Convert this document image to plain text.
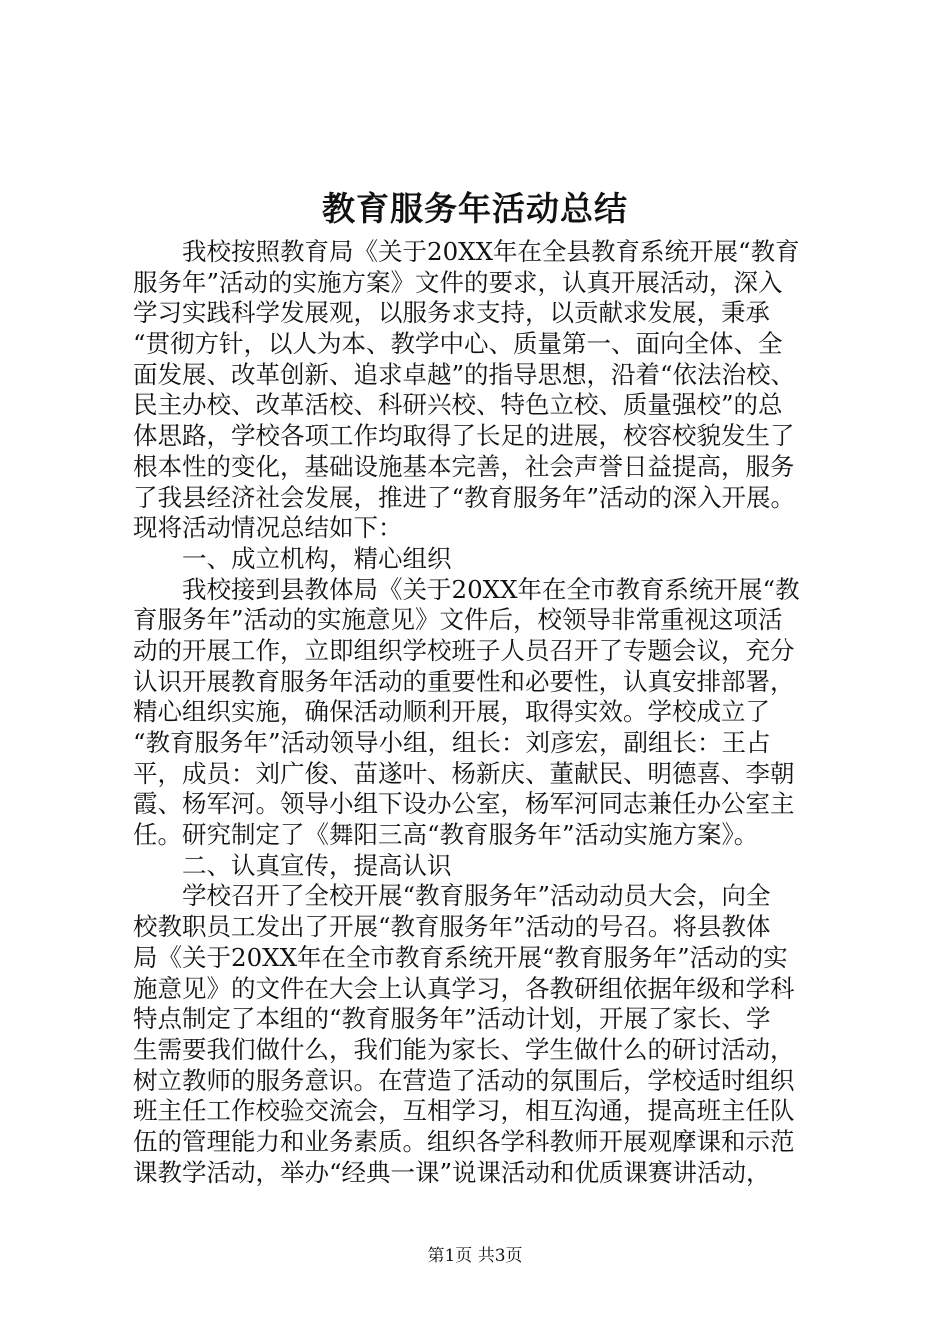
教育服务年活动总结

我校按照教育局《关于20XX年在全县教育系统开展“教育

服务年”活动的实施方案》文件的要求，认真开展活动，深入

学习实践科学发展观，以服务求支持，以贡献求发展，秉承

“贯彻方针，以人为本、教学中心、质量第一、面向全体、全

面发展、改革创新、追求卓越”的指导思想，沿着“依法治校、

民主办校、改革活校、科研兴校、特色立校、质量强校”的总

体思路，学校各项工作均取得了长足的进展，校容校貌发生了

根本性的变化，基础设施基本完善，社会声誉日益提高，服务

了我县经济社会发展，推进了“教育服务年”活动的深入开展。

现将活动情况总结如下：

一、成立机构，精心组织

我校接到县教体局《关于20XX年在全市教育系统开展“教

育服务年”活动的实施意见》文件后，校领导非常重视这项活

动的开展工作，立即组织学校班子人员召开了专题会议，充分

认识开展教育服务年活动的重要性和必要性，认真安排部署，

精心组织实施，确保活动顺利开展，取得实效。学校成立了

“教育服务年”活动领导小组，组长：刘彦宏，副组长：王占

平，成员：刘广俊、苗遂叶、杨新庆、董献民、明德喜、李朝

霞、杨军河。领导小组下设办公室，杨军河同志兼任办公室主

任。研究制定了《舞阳三高“教育服务年”活动实施方案》。

二、认真宣传，提高认识

学校召开了全校开展“教育服务年”活动动员大会，向全

校教职员工发出了开展“教育服务年”活动的号召。将县教体

局《关于20XX年在全市教育系统开展“教育服务年”活动的实

施意见》的文件在大会上认真学习，各教研组依据年级和学科

特点制定了本组的“教育服务年”活动计划，开展了家长、学

生需要我们做什么，我们能为家长、学生做什么的研讨活动，

树立教师的服务意识。在营造了活动的氛围后，学校适时组织

班主任工作校验交流会，互相学习，相互沟通，提高班主任队

伍的管理能力和业务素质。组织各学科教师开展观摩课和示范

课教学活动，举办“经典一课”说课活动和优质课赛讲活动，

第1页 共3页
